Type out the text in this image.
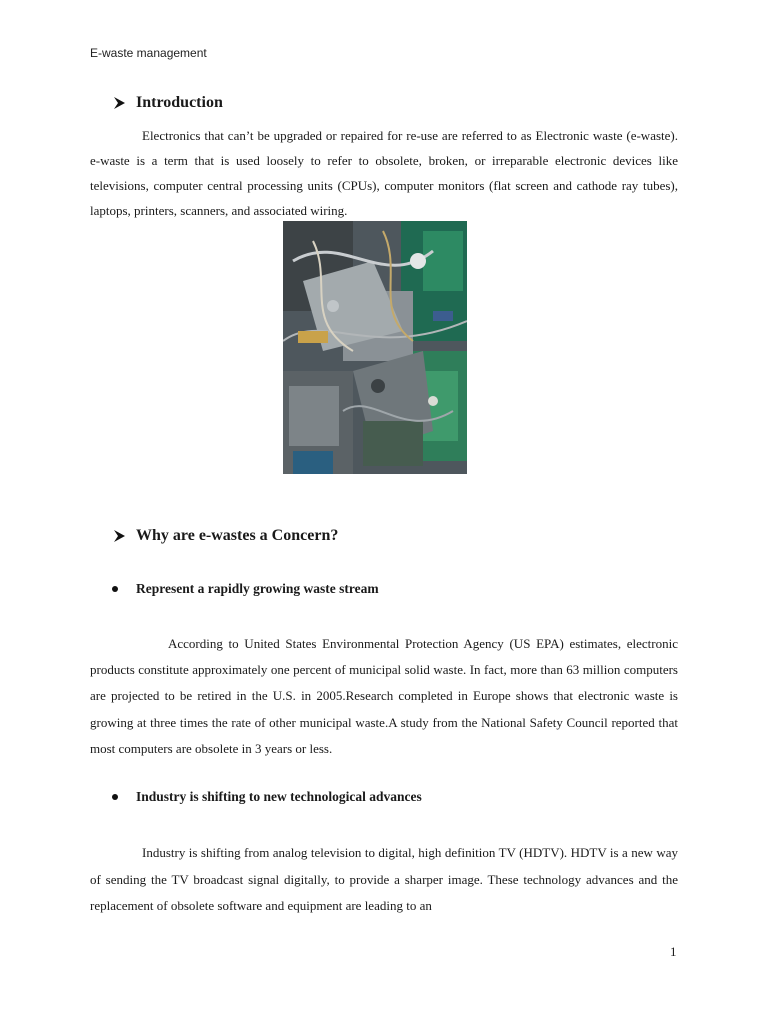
E-waste management
Introduction

Electronics that can’t be upgraded or repaired for re-use are referred to as Electronic waste (e-waste). e-waste is a term that is used loosely to refer to obsolete, broken, or irreparable electronic devices like televisions, computer central processing units (CPUs), computer monitors (flat screen and cathode ray tubes), laptops, printers, scanners, and associated wiring.

Why are e-wastes a Concern?
Represent a rapidly growing waste stream

According to United States Environmental Protection Agency (US EPA) estimates, electronic products constitute approximately one percent of municipal solid waste. In fact, more than 63 million computers are projected to be retired in the U.S. in 2005.Research completed in Europe shows that electronic waste is growing at three times the rate of other municipal waste.A study from the National Safety Council reported that most computers are obsolete in 3 years or less.

Industry is shifting to new technological advances

Industry is shifting from analog television to digital, high definition TV (HDTV). HDTV is a new way of sending the TV broadcast signal digitally, to provide a sharper image. These technology advances and the replacement of obsolete software and equipment are leading to an

1
